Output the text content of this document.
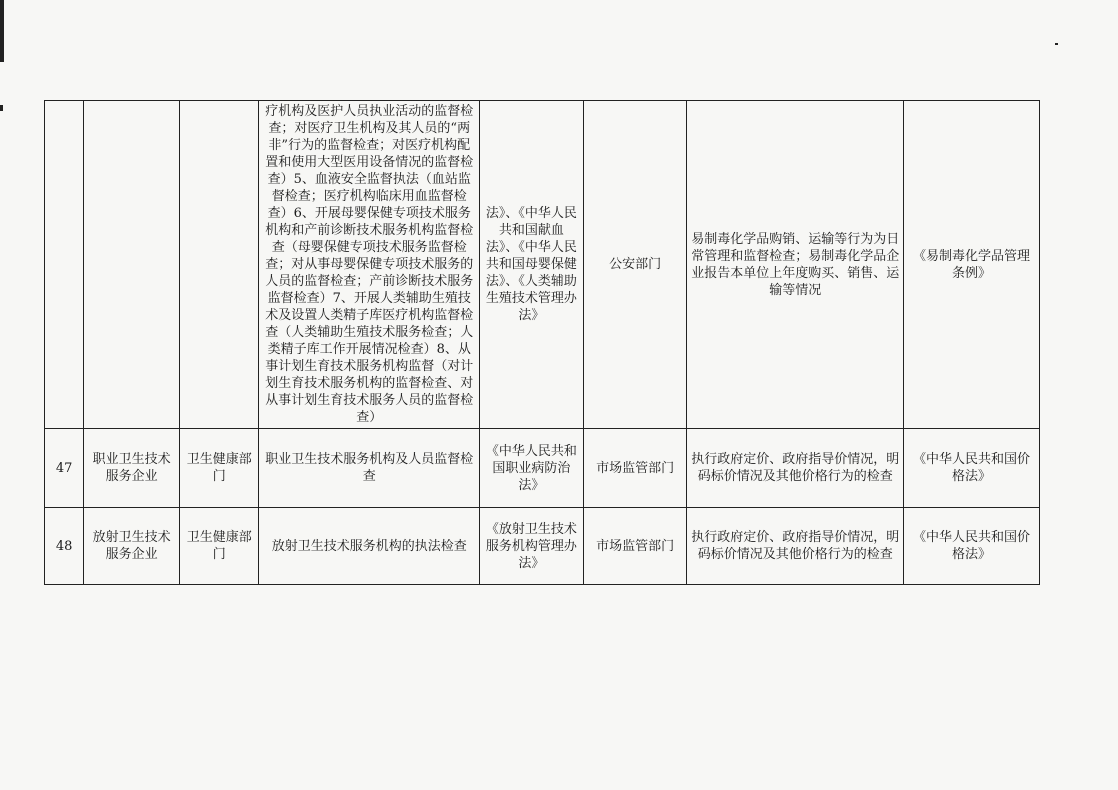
			疗机构及医护人员执业活动的监督检查；对医疗卫生机构及其人员的“两非”行为的监督检查；对医疗机构配置和使用大型医用设备情况的监督检查）5、血液安全监督执法（血站监督检查；医疗机构临床用血监督检查）6、开展母婴保健专项技术服务机构和产前诊断技术服务机构监督检查（母婴保健专项技术服务监督检查；对从事母婴保健专项技术服务的人员的监督检查；产前诊断技术服务监督检查）7、开展人类辅助生殖技术及设置人类精子库医疗机构监督检查（人类辅助生殖技术服务检查；人类精子库工作开展情况检查）8、从事计划生育技术服务机构监督（对计划生育技术服务机构的监督检查、对从事计划生育技术服务人员的监督检查）	法》、《中华人民共和国献血法》、《中华人民共和国母婴保健法》、《人类辅助生殖技术管理办法》	公安部门	易制毒化学品购销、运输等行为为日常管理和监督检查；易制毒化学品企业报告本单位上年度购买、销售、运输等情况	《易制毒化学品管理条例》
47	职业卫生技术服务企业	卫生健康部门	职业卫生技术服务机构及人员监督检查	《中华人民共和国职业病防治法》	市场监管部门	执行政府定价、政府指导价情况，明码标价情况及其他价格行为的检查	《中华人民共和国价格法》
48	放射卫生技术服务企业	卫生健康部门	放射卫生技术服务机构的执法检查	《放射卫生技术服务机构管理办法》	市场监管部门	执行政府定价、政府指导价情况，明码标价情况及其他价格行为的检查	《中华人民共和国价格法》
